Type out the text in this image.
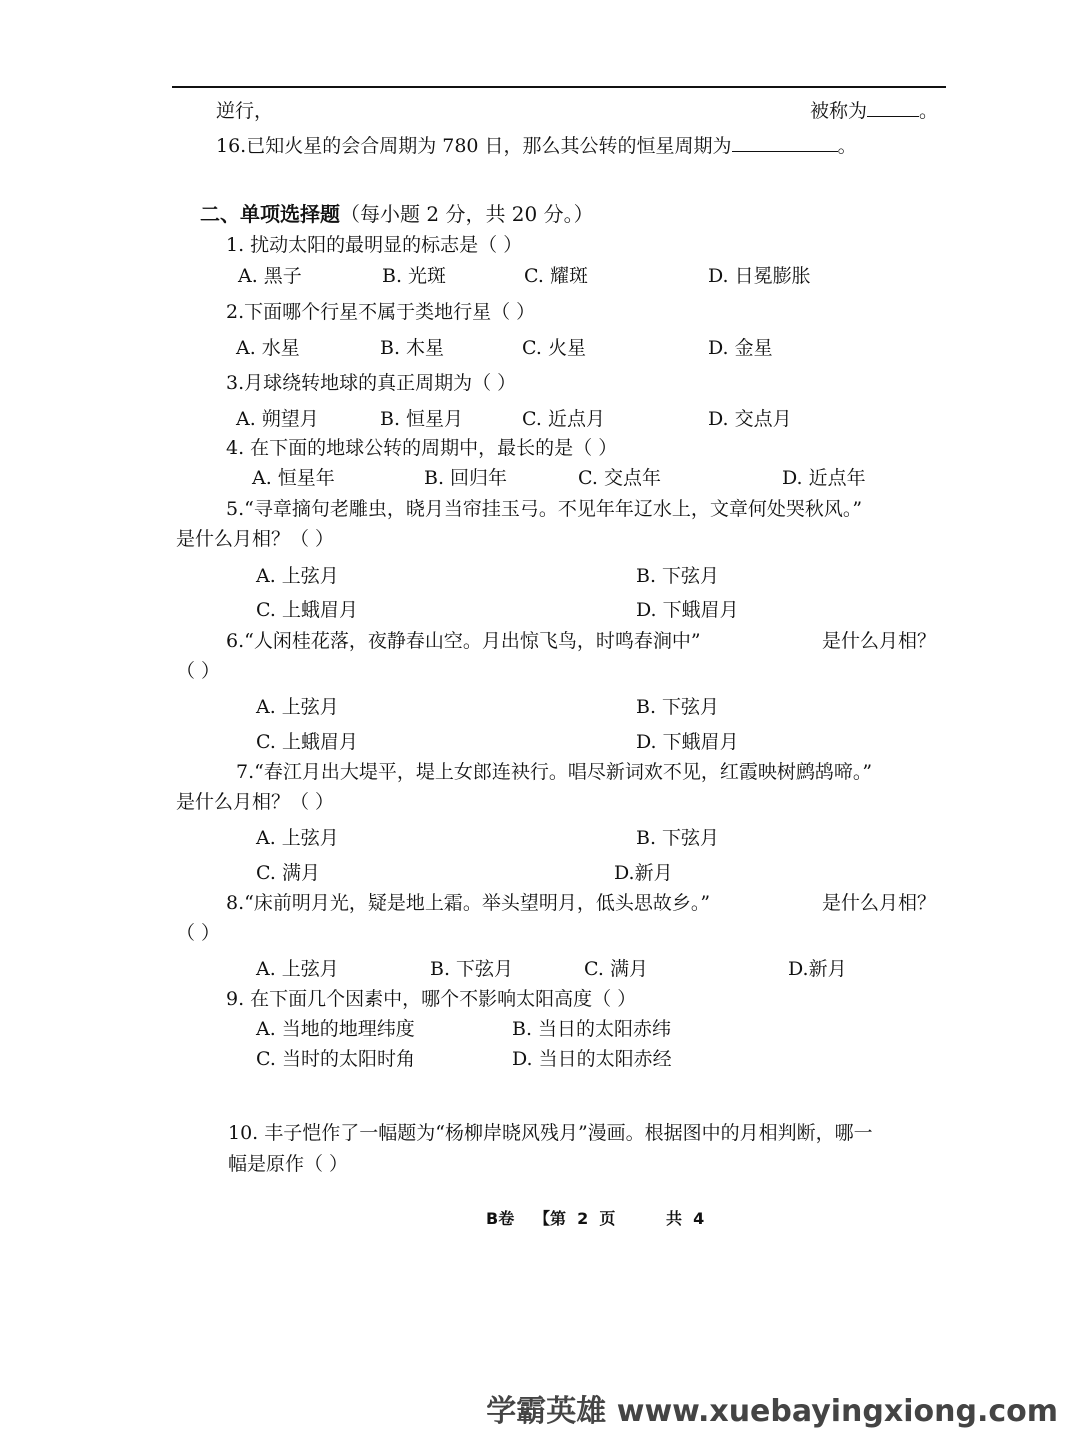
逆行，	被称为	。
16.已知火星的会合周期为 780 日，那么其公转的恒星周期为	。
二、单项选择题（每小题 2 分，共 20 分。）
1. 扰动太阳的最明显的标志是（ ）
A. 黑子	B. 光斑	C. 耀斑	D. 日冕膨胀
2.下面哪个行星不属于类地行星（ ）
A. 水星	B. 木星	C. 火星	D. 金星
3.月球绕转地球的真正周期为（ ）
A. 朔望月	B. 恒星月	C. 近点月	D. 交点月
4. 在下面的地球公转的周期中，最长的是（ ）
A. 恒星年	B. 回归年	C. 交点年	D. 近点年
5.“寻章摘句老雕虫，晓月当帘挂玉弓。不见年年辽水上，文章何处哭秋风。”
是什么月相？（ ）
A. 上弦月	B. 下弦月
C. 上蛾眉月	D. 下蛾眉月
6.“人闲桂花落，夜静春山空。月出惊飞鸟，时鸣春涧中”	是什么月相？
（ ）
A. 上弦月	B. 下弦月
C. 上蛾眉月	D. 下蛾眉月
7.“春江月出大堤平，堤上女郎连袂行。唱尽新词欢不见，红霞映树鹧鸪啼。”
是什么月相？（ ）
A. 上弦月	B. 下弦月
C. 满月	D.新月
8.“床前明月光，疑是地上霜。举头望明月，低头思故乡。”	是什么月相？
（ ）
A. 上弦月	B. 下弦月	C. 满月	D.新月
9. 在下面几个因素中，哪个不影响太阳高度（ ）
A. 当地的地理纬度	B. 当日的太阳赤纬
C. 当时的太阳时角	D. 当日的太阳赤经
10. 丰子恺作了一幅题为“杨柳岸晓风残月”漫画。根据图中的月相判断，哪一
幅是原作（ ）
B卷 【第  2  页	共  4
学霸英雄 www.xuebayingxiong.com
